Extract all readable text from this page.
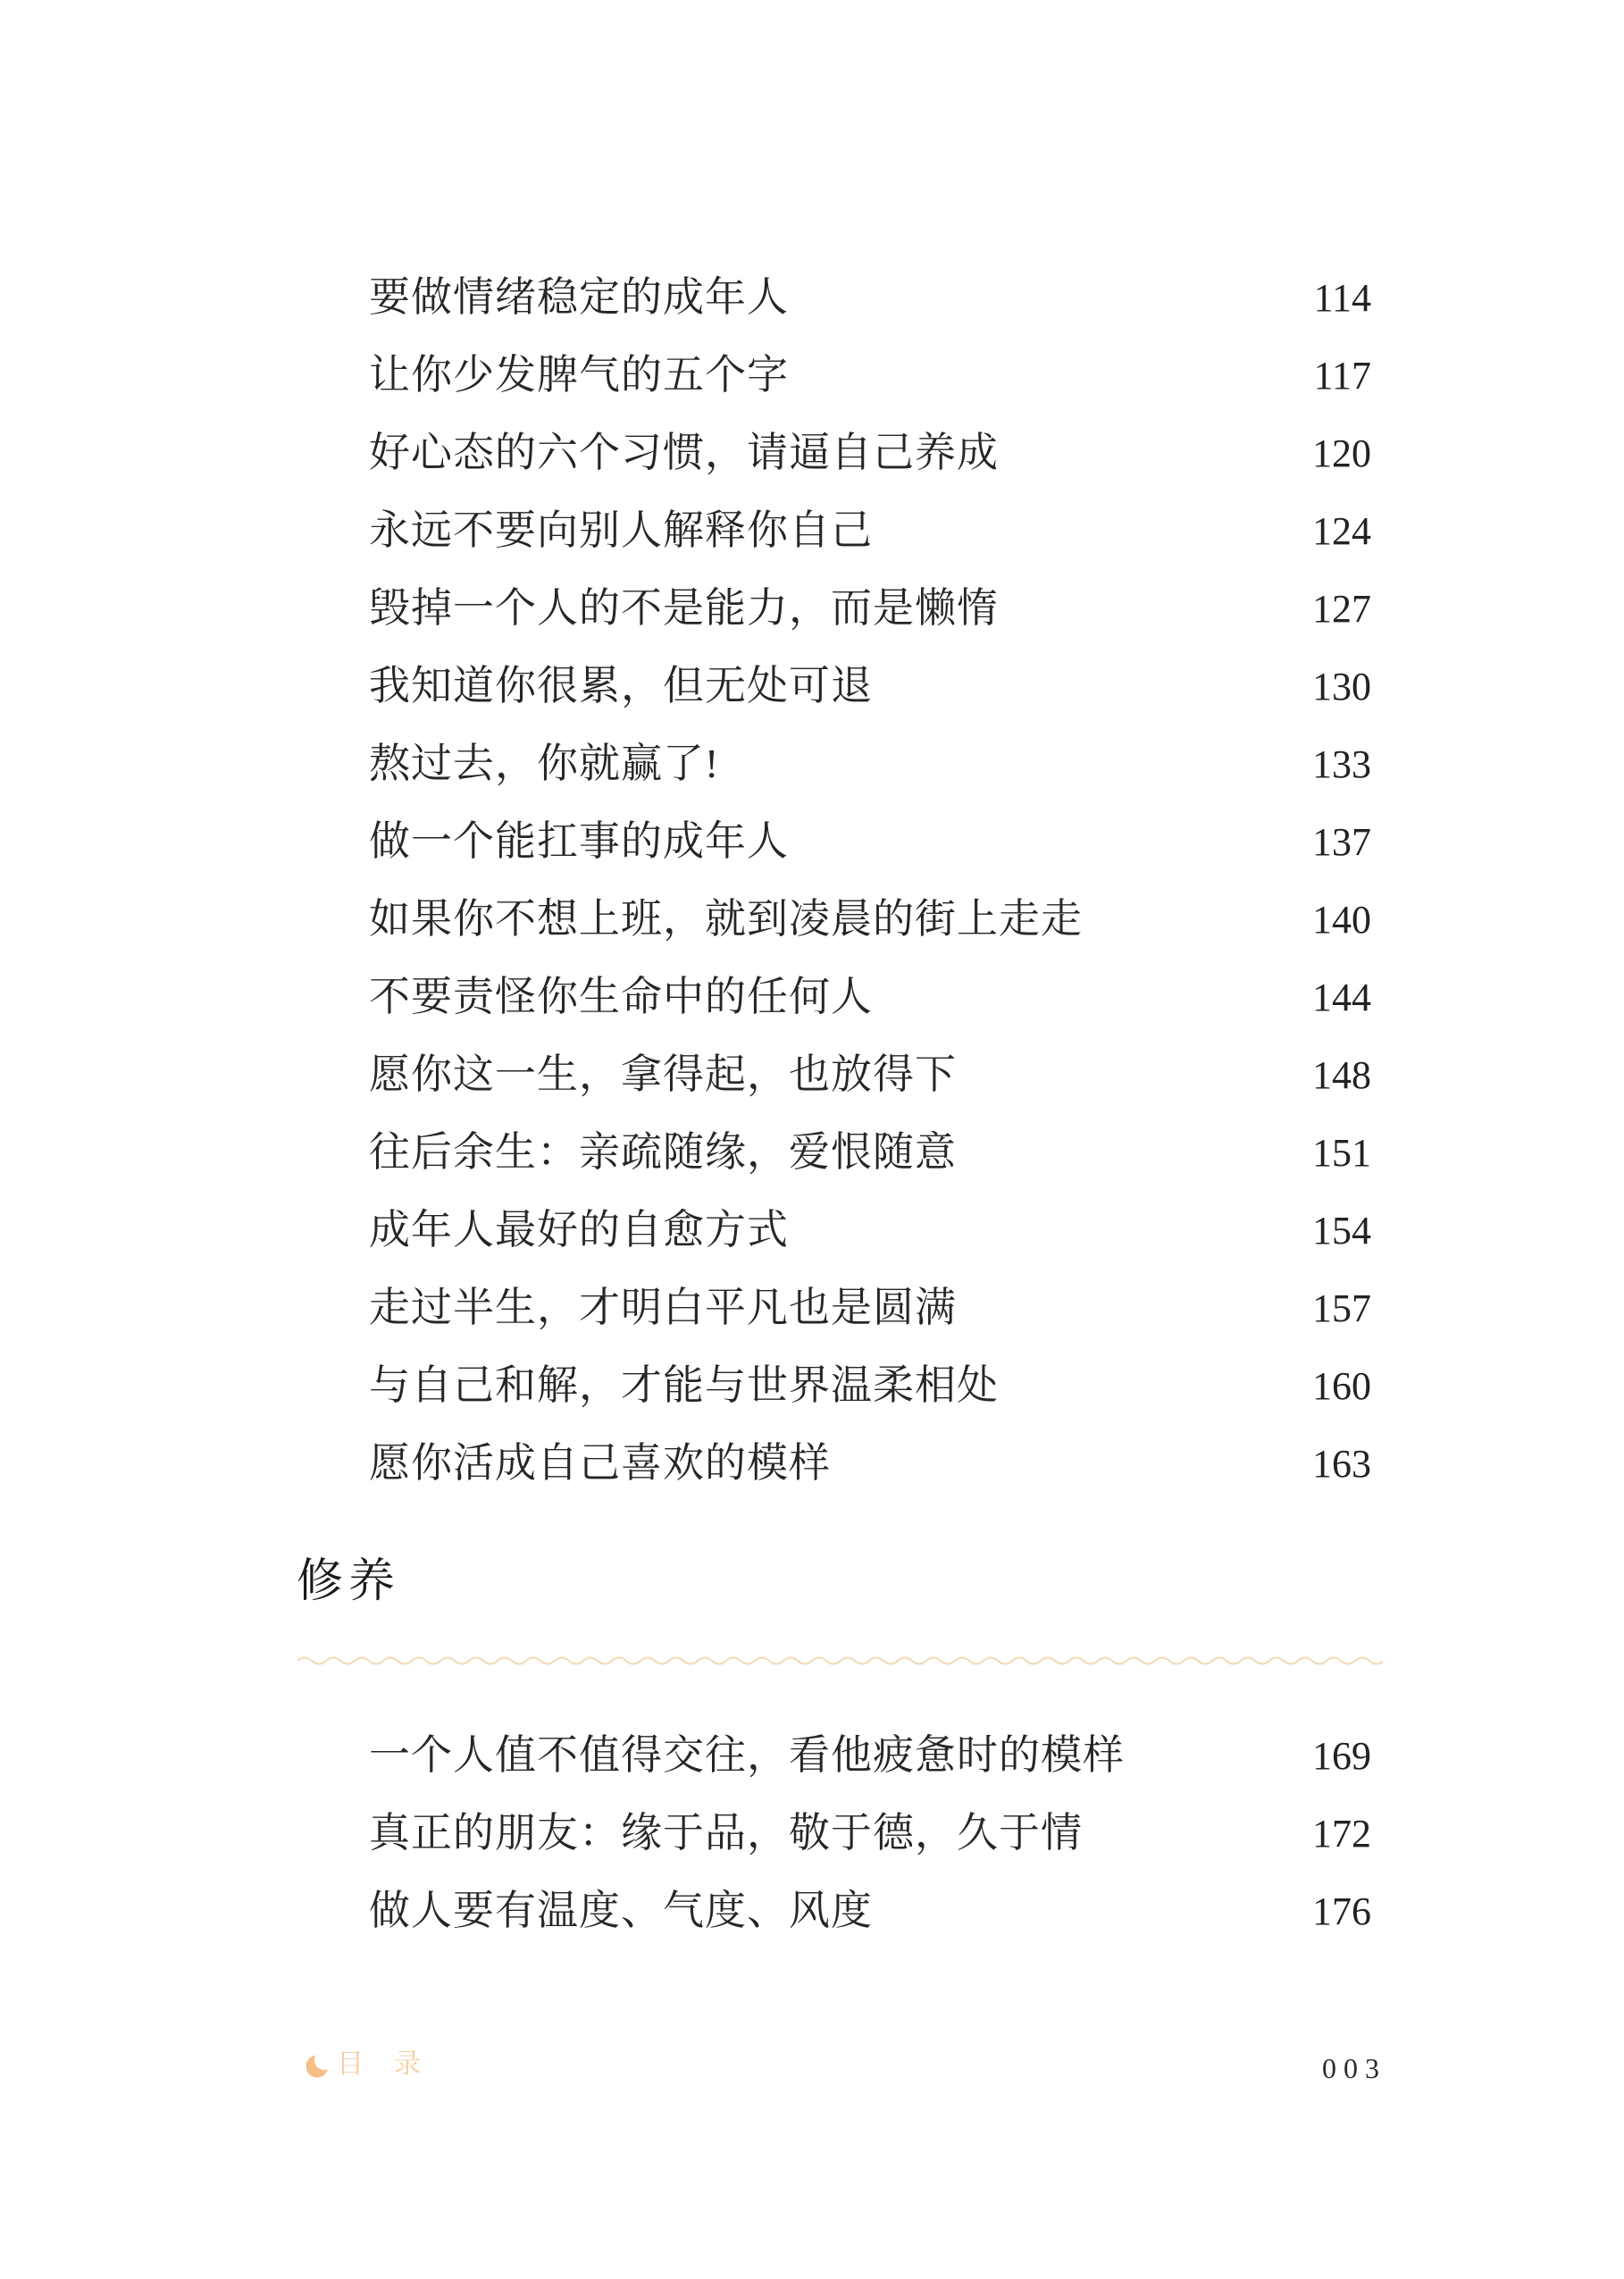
要做情绪稳定的成年人	114
让你少发脾气的五个字	117
好心态的六个习惯，请逼自己养成	120
永远不要向别人解释你自己	124
毁掉一个人的不是能力，而是懒惰	127
我知道你很累，但无处可退	130
熬过去，你就赢了!	133
做一个能扛事的成年人	137
如果你不想上班，就到凌晨的街上走走	140
不要责怪你生命中的任何人	144
愿你这一生，拿得起，也放得下	148
往后余生：亲疏随缘，爱恨随意	151
成年人最好的自愈方式	154
走过半生，才明白平凡也是圆满	157
与自己和解，才能与世界温柔相处	160
愿你活成自己喜欢的模样	163
修养
一个人值不值得交往，看他疲惫时的模样	169
真正的朋友：缘于品，敬于德，久于情	172
做人要有温度、气度、风度	176
目　录	003
